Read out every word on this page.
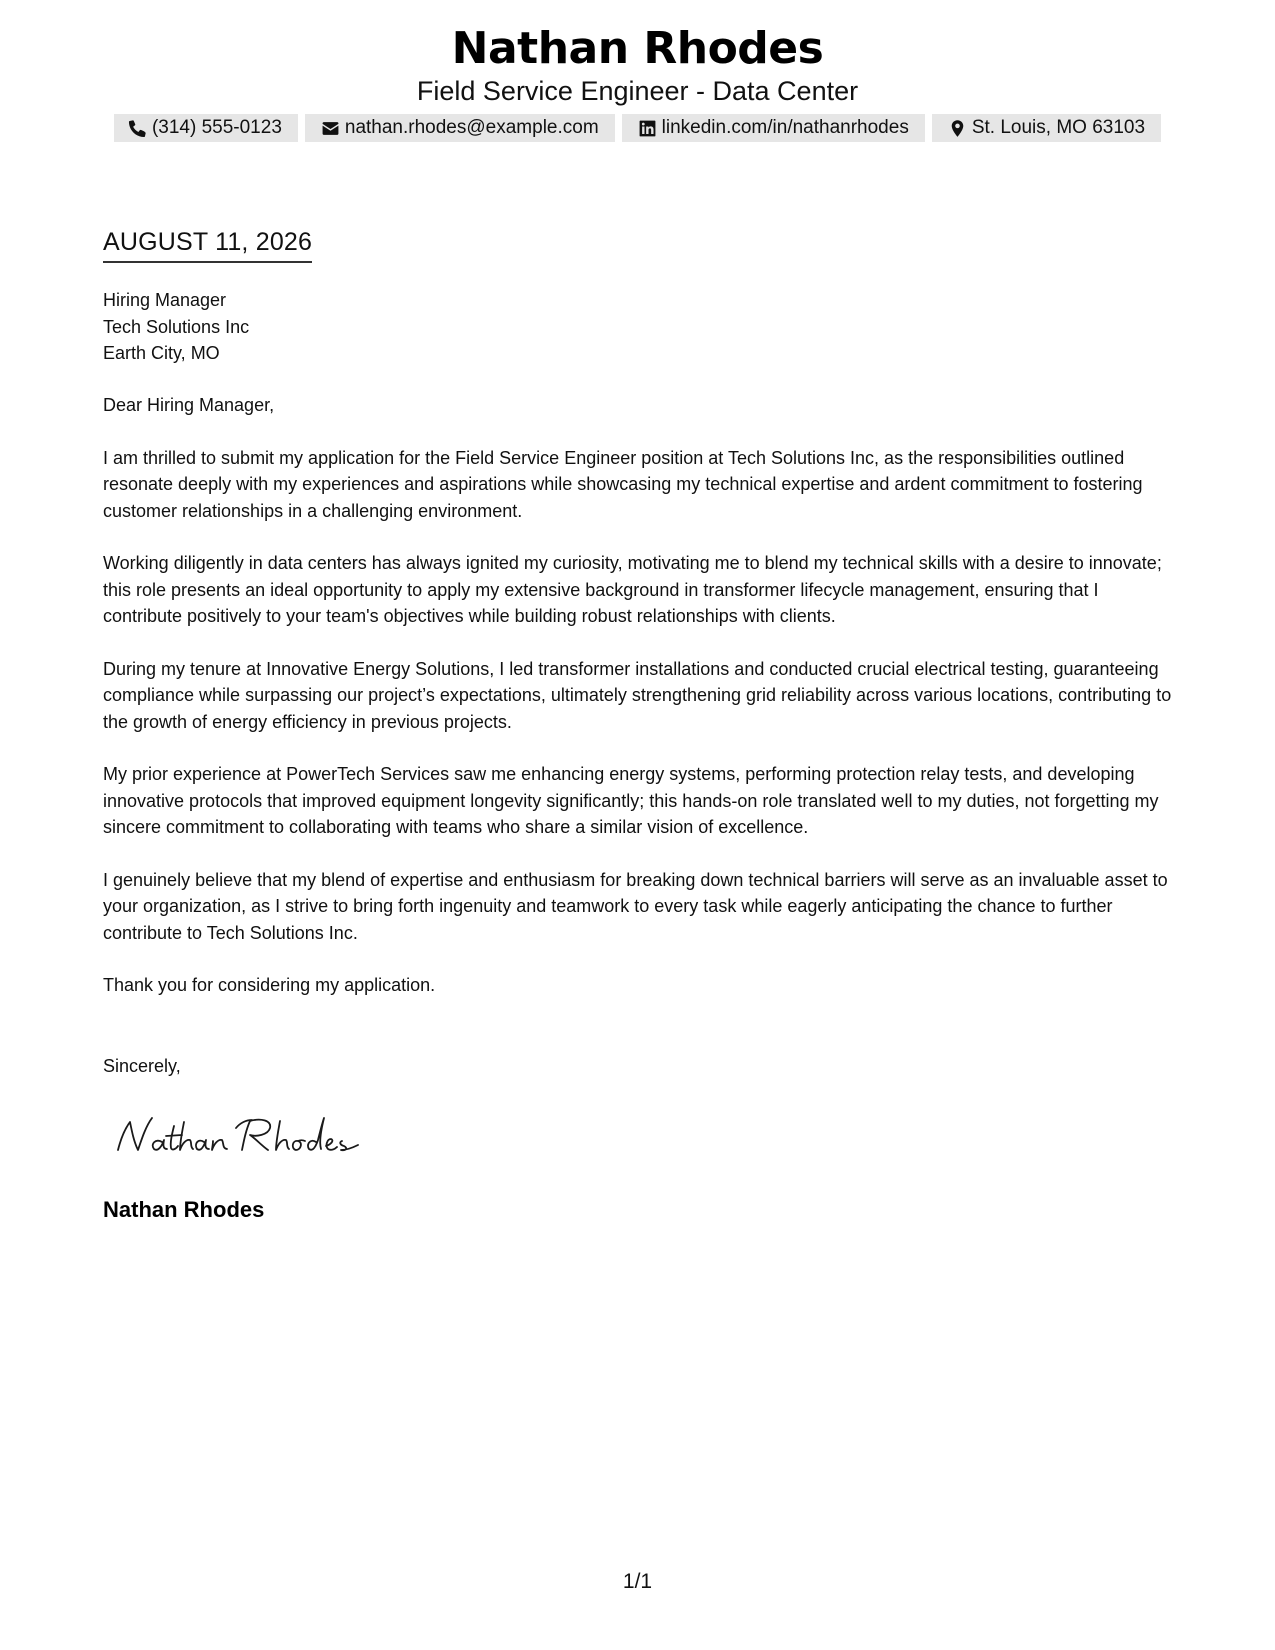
Nathan Rhodes
Field Service Engineer - Data Center
(314) 555-0123	nathan.rhodes@example.com	linkedin.com/in/nathanrhodes	St. Louis, MO 63103
AUGUST 11, 2026
Hiring Manager
Tech Solutions Inc
Earth City, MO

Dear Hiring Manager,

I am thrilled to submit my application for the Field Service Engineer position at Tech Solutions Inc, as the responsibilities outlined resonate deeply with my experiences and aspirations while showcasing my technical expertise and ardent commitment to fostering customer relationships in a challenging environment.

Working diligently in data centers has always ignited my curiosity, motivating me to blend my technical skills with a desire to innovate; this role presents an ideal opportunity to apply my extensive background in transformer lifecycle management, ensuring that I contribute positively to your team's objectives while building robust relationships with clients.

During my tenure at Innovative Energy Solutions, I led transformer installations and conducted crucial electrical testing, guaranteeing compliance while surpassing our project’s expectations, ultimately strengthening grid reliability across various locations, contributing to the growth of energy efficiency in previous projects.

My prior experience at PowerTech Services saw me enhancing energy systems, performing protection relay tests, and developing innovative protocols that improved equipment longevity significantly; this hands-on role translated well to my duties, not forgetting my sincere commitment to collaborating with teams who share a similar vision of excellence.

I genuinely believe that my blend of expertise and enthusiasm for breaking down technical barriers will serve as an invaluable asset to your organization, as I strive to bring forth ingenuity and teamwork to every task while eagerly anticipating the chance to further contribute to Tech Solutions Inc.

Thank you for considering my application.

Sincerely,
Nathan Rhodes
1/1
